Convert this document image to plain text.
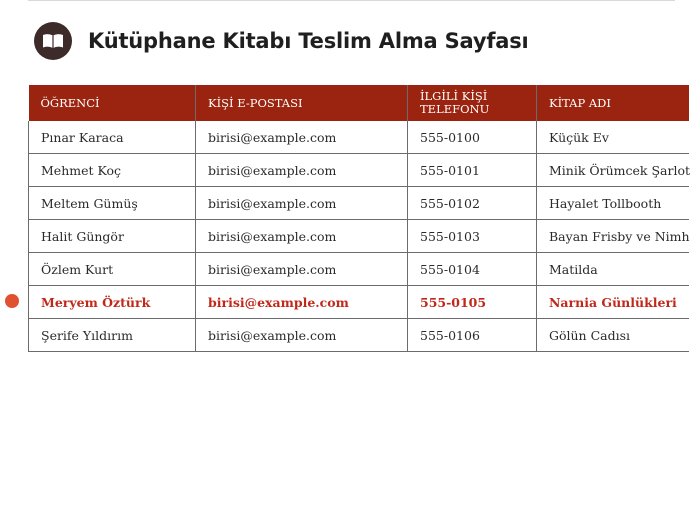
Kütüphane Kitabı Teslim Alma Sayfası
ÖĞRENCİ	KİŞİ E-POSTASI	İLGİLİ KİŞİ TELEFONU	KİTAP ADI
Pınar Karaca	birisi@example.com	555-0100	Küçük Ev
Mehmet Koç	birisi@example.com	555-0101	Minik Örümcek Şarlot
Meltem Gümüş	birisi@example.com	555-0102	Hayalet Tollbooth
Halit Güngör	birisi@example.com	555-0103	Bayan Frisby ve Nimh
Özlem Kurt	birisi@example.com	555-0104	Matilda
Meryem Öztürk	birisi@example.com	555-0105	Narnia Günlükleri
Şerife Yıldırım	birisi@example.com	555-0106	Gölün Cadısı
